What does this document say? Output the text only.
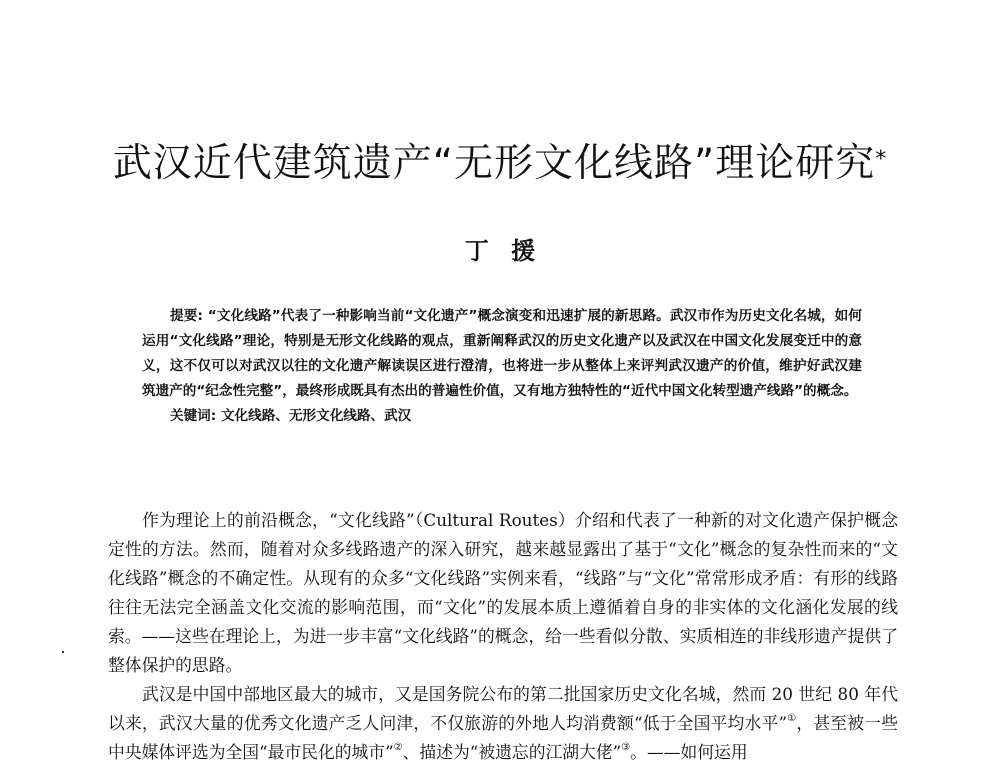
武汉近代建筑遗产“无形文化线路”理论研究*
丁 援

提要: “文化线路”代表了一种影响当前“文化遗产”概念演变和迅速扩展的新思路。武汉市作为历史文化名城，如何运用“文化线路”理论，特别是无形文化线路的观点，重新阐释武汉的历史文化遗产以及武汉在中国文化发展变迁中的意义，这不仅可以对武汉以往的文化遗产解读误区进行澄清，也将进一步从整体上来评判武汉遗产的价值，维护好武汉建筑遗产的“纪念性完整”，最终形成既具有杰出的普遍性价值，又有地方独特性的“近代中国文化转型遗产线路”的概念。

关键词: 文化线路、无形文化线路、武汉

作为理论上的前沿概念，“文化线路”（Cultural Routes）介绍和代表了一种新的对文化遗产保护概念定性的方法。然而，随着对众多线路遗产的深入研究，越来越显露出了基于“文化”概念的复杂性而来的“文化线路”概念的不确定性。从现有的众多“文化线路”实例来看，“线路”与“文化”常常形成矛盾：有形的线路往往无法完全涵盖文化交流的影响范围，而“文化”的发展本质上遵循着自身的非实体的文化涵化发展的线索。——这些在理论上，为进一步丰富“文化线路”的概念，给一些看似分散、实质相连的非线形遗产提供了整体保护的思路。

武汉是中国中部地区最大的城市，又是国务院公布的第二批国家历史文化名城，然而 20 世纪 80 年代以来，武汉大量的优秀文化遗产乏人问津，不仅旅游的外地人均消费额“低于全国平均水平”①，甚至被一些中央媒体评选为全国“最市民化的城市”②、描述为“被遗忘的江湖大佬”③。——如何运用
